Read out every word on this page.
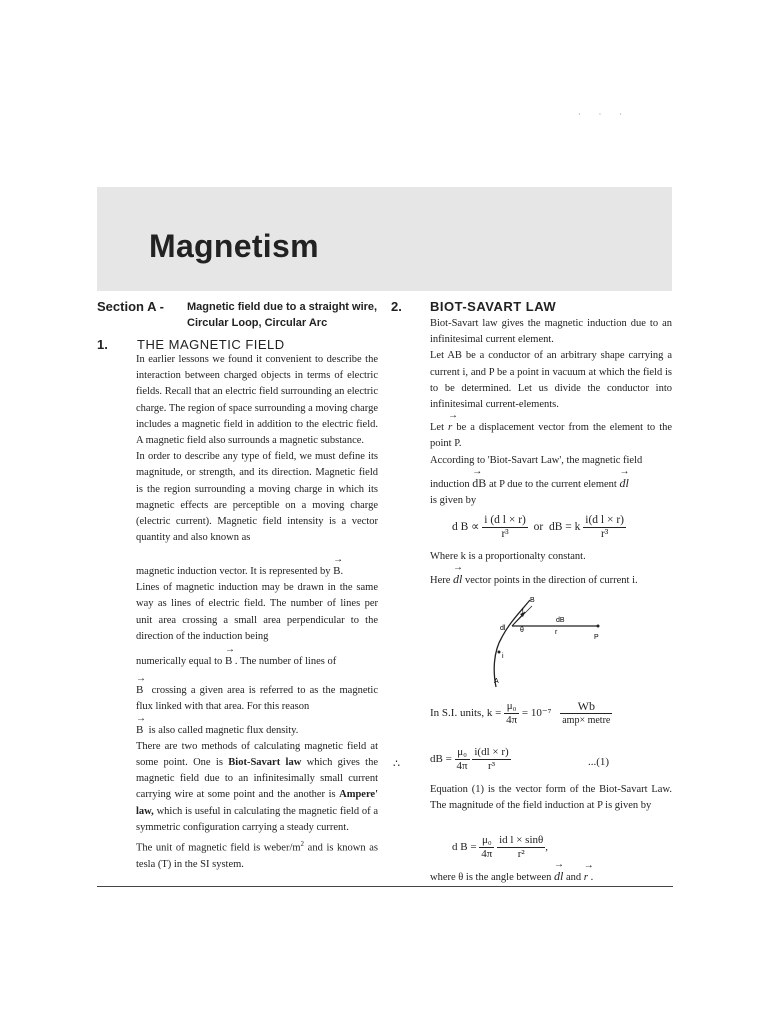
· · ·
Magnetism
Section A - Magnetic field due to a straight wire, Circular Loop, Circular Arc
1. THE MAGNETIC FIELD

In earlier lessons we found it convenient to describe the interaction between charged objects in terms of electric fields. Recall that an electric field surrounding an electric charge. The region of space surrounding a moving charge includes a magnetic field in addition to the electric field. A magnetic field also surrounds a magnetic substance.

In order to describe any type of field, we must define its magnitude, or strength, and its direction. Magnetic field is the region surrounding a moving charge in which its magnetic effects are perceptible on a moving charge (electric current). Magnetic field intensity is a vector quantity and also known as

magnetic induction vector. It is represented by → B.

Lines of magnetic induction may be drawn in the same way as lines of electric field. The number of lines per unit area crossing a small area perpendicular to the direction of the induction being

numerically equal to → B . The number of lines of

→ B crossing a given area is referred to as the magnetic flux linked with that area. For this reason

→ B is also called magnetic flux density.

There are two methods of calculating magnetic field at some point. One is Biot-Savart law which gives the magnetic field due to an infinitesimally small current carrying wire at some point and the another is Ampere' law, which is useful in calculating the magnetic field of a symmetric configuration carrying a steady current.

The unit of magnetic field is weber/$m^2$ and is known as tesla (T) in the SI system.

2. BIOT-SAVART LAW

Biot-Savart law gives the magnetic induction due to an infinitesimal current element.

Let AB be a conductor of an arbitrary shape carrying a current i, and P be a point in vacuum at which the field is to be determined. Let us divide the conductor into infinitesimal current-elements.

Let → r be a displacement vector from the element to the point P.

According to 'Biot-Savart Law', the magnetic field

induction → dB at P due to the current element → dl

is given by

d $B \propto \frac{\text{i (d l × r)}}{\text{r³}}$ or dB = k $\frac{\text{i(d l × r)}}{\text{r³}}$

Where k is a proportionalty constant.

Here → dl vector points in the direction of current i.

B
dl θ	r
dB
P
l
i
A
In S.I. units, $k = \frac{\text{μ₀}}{4\pi} = 10^{-7} \frac{Wb}{\text{amp× metre}}$
∴	dB = $\frac{\text{μ₀}}{4\pi}$
$\frac{i(dl \times r)}{\text{r³}}$	...(1)

Equation (1) is the vector form of the Biot-Savart Law. The magnitude of the field induction at P is given by

d $B = \frac{\text{μ₀}}{4\pi}$
$\frac{\text{id l × sinθ}}{\text{r²}}$ ,
where θ is the angle between → dl and → r .
